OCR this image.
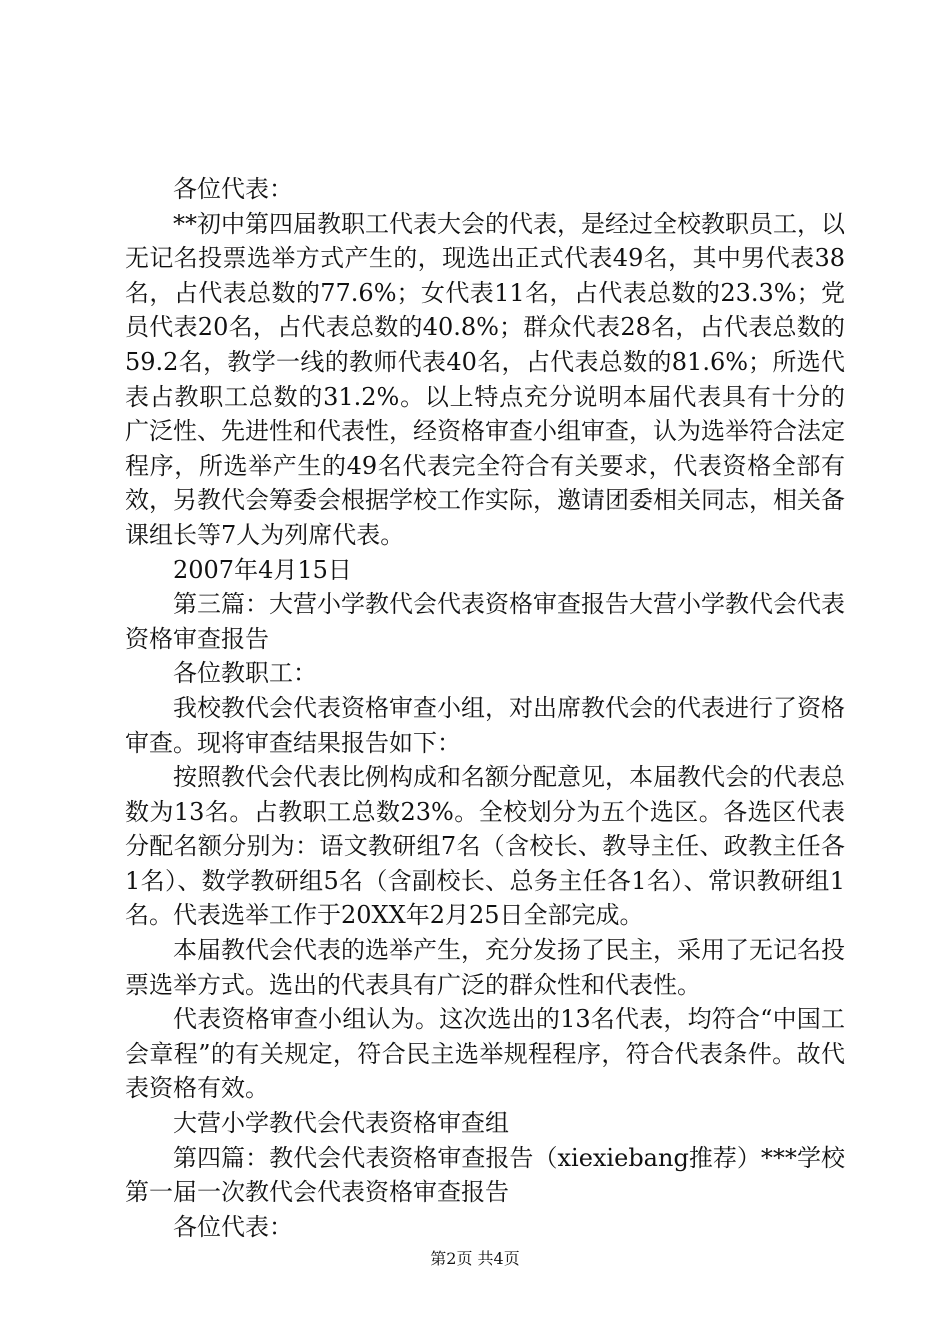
各位代表：

**初中第四届教职工代表大会的代表，是经过全校教职员工，以无记名投票选举方式产生的，现选出正式代表49名，其中男代表38名，占代表总数的77.6%；女代表11名，占代表总数的23.3%；党员代表20名，占代表总数的40.8%；群众代表28名，占代表总数的59.2名，教学一线的教师代表40名，占代表总数的81.6%；所选代表占教职工总数的31.2%。以上特点充分说明本届代表具有十分的广泛性、先进性和代表性，经资格审查小组审查，认为选举符合法定程序，所选举产生的49名代表完全符合有关要求，代表资格全部有效，另教代会筹委会根据学校工作实际，邀请团委相关同志，相关备课组长等7人为列席代表。

2007年4月15日

第三篇：大营小学教代会代表资格审查报告大营小学教代会代表资格审查报告

各位教职工：

我校教代会代表资格审查小组，对出席教代会的代表进行了资格审查。现将审查结果报告如下：

按照教代会代表比例构成和名额分配意见，本届教代会的代表总数为13名。占教职工总数23%。全校划分为五个选区。各选区代表分配名额分别为：语文教研组7名（含校长、教导主任、政教主任各1名）、数学教研组5名（含副校长、总务主任各1名）、常识教研组1名。代表选举工作于20XX年2月25日全部完成。

本届教代会代表的选举产生，充分发扬了民主，采用了无记名投票选举方式。选出的代表具有广泛的群众性和代表性。

代表资格审查小组认为。这次选出的13名代表，均符合“中国工会章程”的有关规定，符合民主选举规程程序，符合代表条件。故代表资格有效。

大营小学教代会代表资格审查组

第四篇：教代会代表资格审查报告（xiexiebang推荐）***学校第一届一次教代会代表资格审查报告

各位代表：

第2页 共4页
